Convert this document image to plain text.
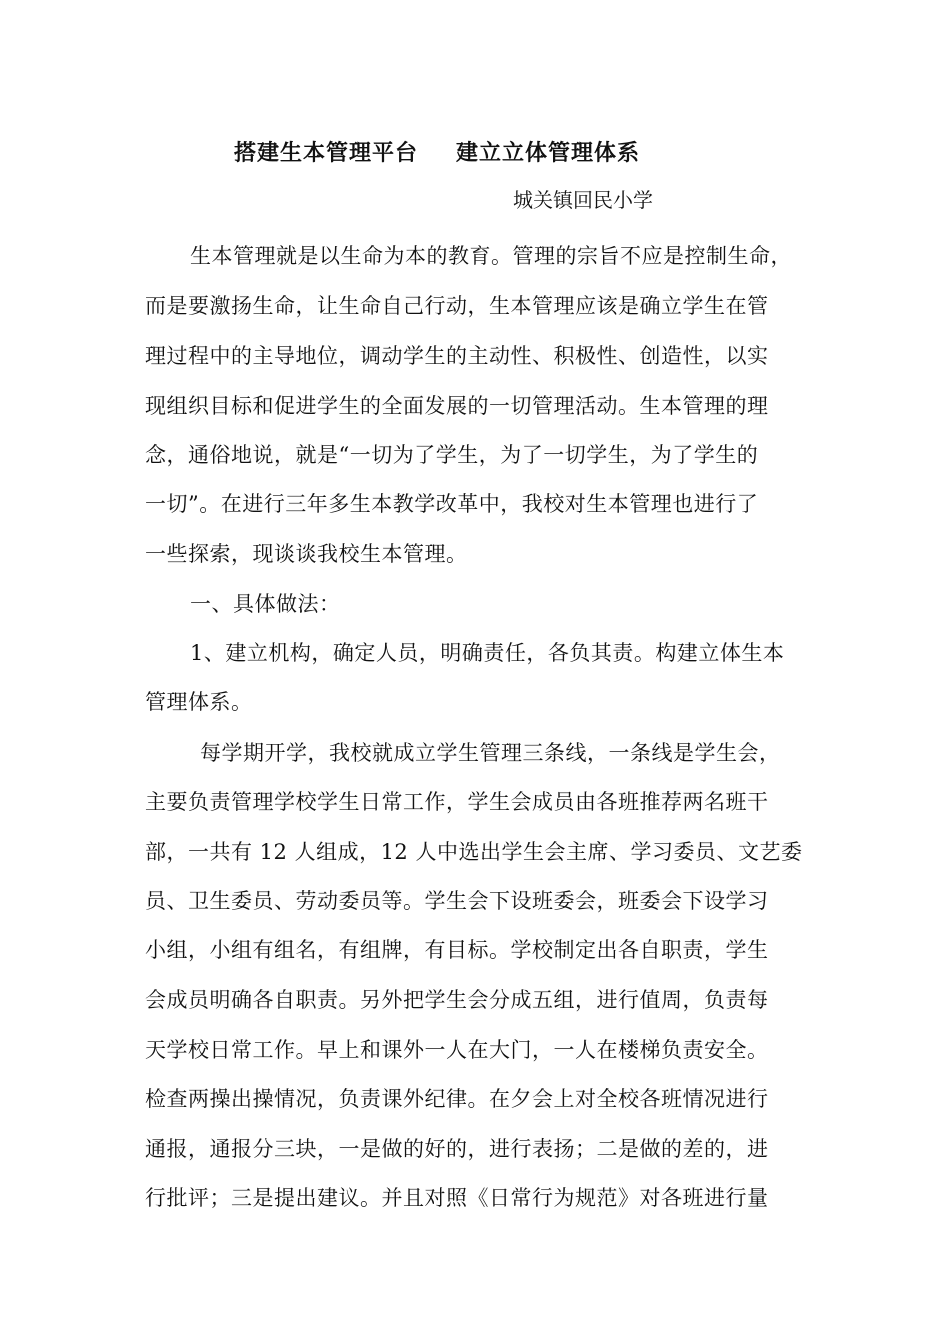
搭建生本管理平台 建立立体管理体系
城关镇回民小学
生本管理就是以生命为本的教育。管理的宗旨不应是控制生命，
而是要激扬生命，让生命自己行动，生本管理应该是确立学生在管
理过程中的主导地位，调动学生的主动性、积极性、创造性，以实
现组织目标和促进学生的全面发展的一切管理活动。生本管理的理
念，通俗地说，就是“一切为了学生，为了一切学生，为了学生的
一切”。在进行三年多生本教学改革中，我校对生本管理也进行了
一些探索，现谈谈我校生本管理。
一、具体做法：
1、建立机构，确定人员，明确责任，各负其责。构建立体生本
管理体系。
每学期开学，我校就成立学生管理三条线，一条线是学生会，
主要负责管理学校学生日常工作，学生会成员由各班推荐两名班干
部，一共有 12 人组成，12 人中选出学生会主席、学习委员、文艺委
员、卫生委员、劳动委员等。学生会下设班委会，班委会下设学习
小组，小组有组名，有组牌，有目标。学校制定出各自职责，学生
会成员明确各自职责。另外把学生会分成五组，进行值周，负责每
天学校日常工作。早上和课外一人在大门，一人在楼梯负责安全。
检查两操出操情况，负责课外纪律。在夕会上对全校各班情况进行
通报，通报分三块，一是做的好的，进行表扬；二是做的差的，进
行批评；三是提出建议。并且对照《日常行为规范》对各班进行量
